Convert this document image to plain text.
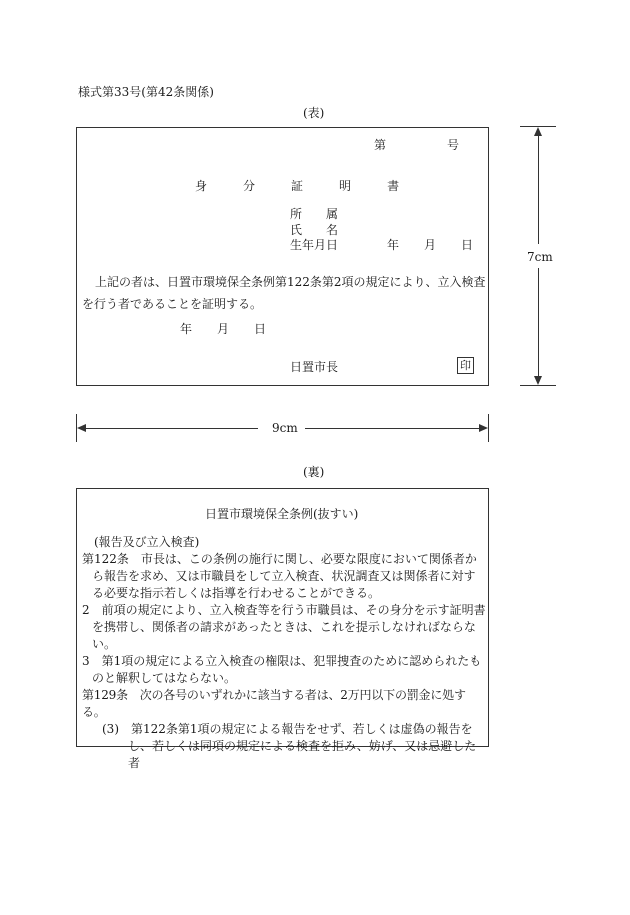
様式第33号(第42条関係)
(表)
第	号
身	分	証	明	書
所　　属
氏　　名
生年月日	年 月 日
上記の者は、日置市環境保全条例第122条第2項の規定により、立入検査
を行う者であることを証明する。
年 月 日
日置市長	印
7cm
9cm
(裏)
日置市環境保全条例(抜すい)
(報告及び立入検査)
第122条　市長は、この条例の施行に関し、必要な限度において関係者から報告を求め、又は市職員をして立入検査、状況調査又は関係者に対する必要な指示若しくは指導を行わせることができる。
2　前項の規定により、立入検査等を行う市職員は、その身分を示す証明書を携帯し、関係者の請求があったときは、これを提示しなければならない。
3　第1項の規定による立入検査の権限は、犯罪捜査のために認められたものと解釈してはならない。
第129条　次の各号のいずれかに該当する者は、2万円以下の罰金に処する。
(3)　第122条第1項の規定による報告をせず、若しくは虚偽の報告をし、若しくは同項の規定による検査を拒み、妨げ、又は忌避した者
